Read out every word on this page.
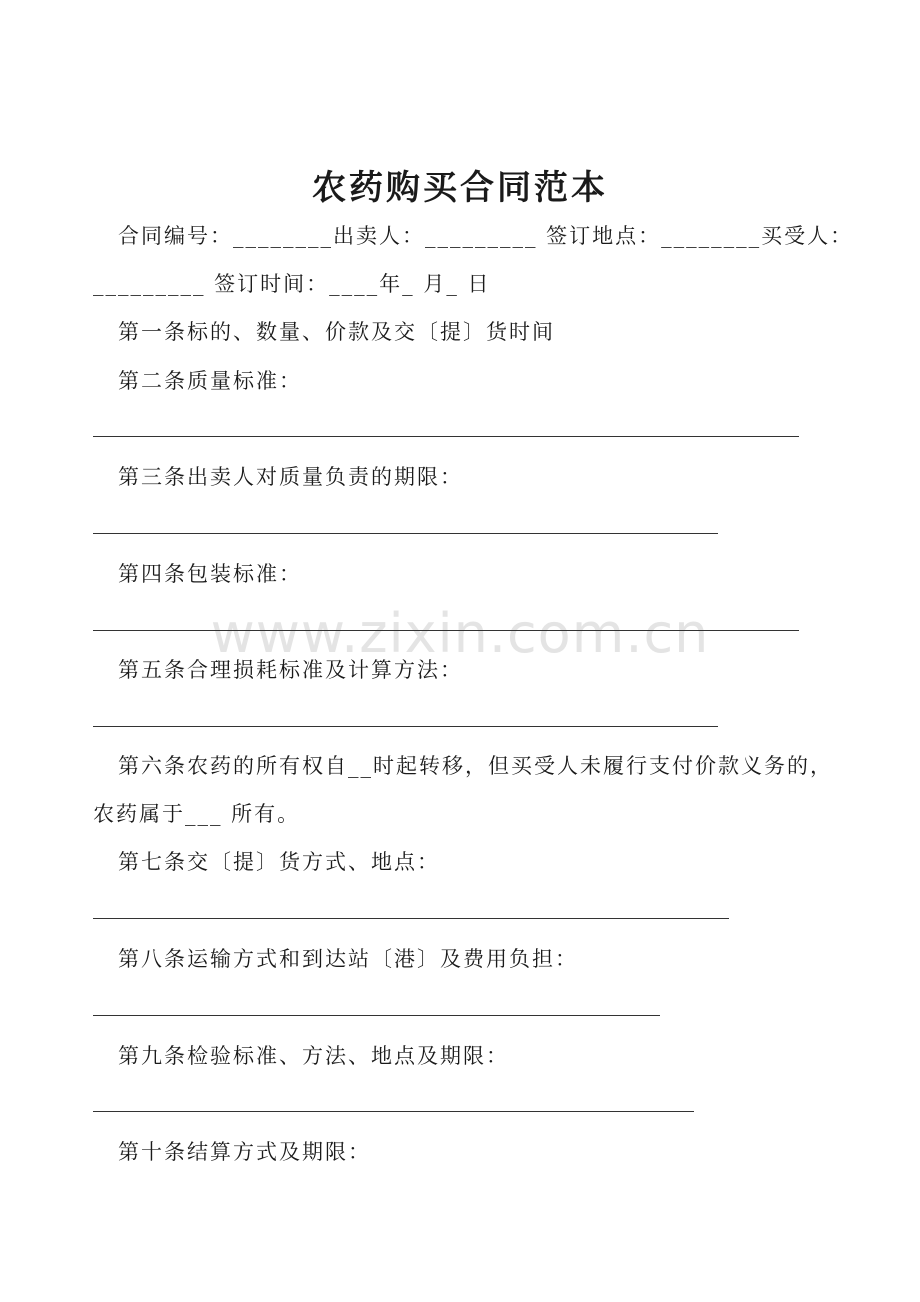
www.zixin.com.cn
农药购买合同范本
合同编号：________出卖人：_________ 签订地点：________买受人：
_________ 签订时间：____年_ 月_ 日
第一条标的、数量、价款及交〔提〕货时间
第二条质量标准：
第三条出卖人对质量负责的期限：
第四条包装标准：
第五条合理损耗标准及计算方法：
第六条农药的所有权自__时起转移，但买受人未履行支付价款义务的，
农药属于___ 所有。
第七条交〔提〕货方式、地点：
第八条运输方式和到达站〔港〕及费用负担：
第九条检验标准、方法、地点及期限：
第十条结算方式及期限：
